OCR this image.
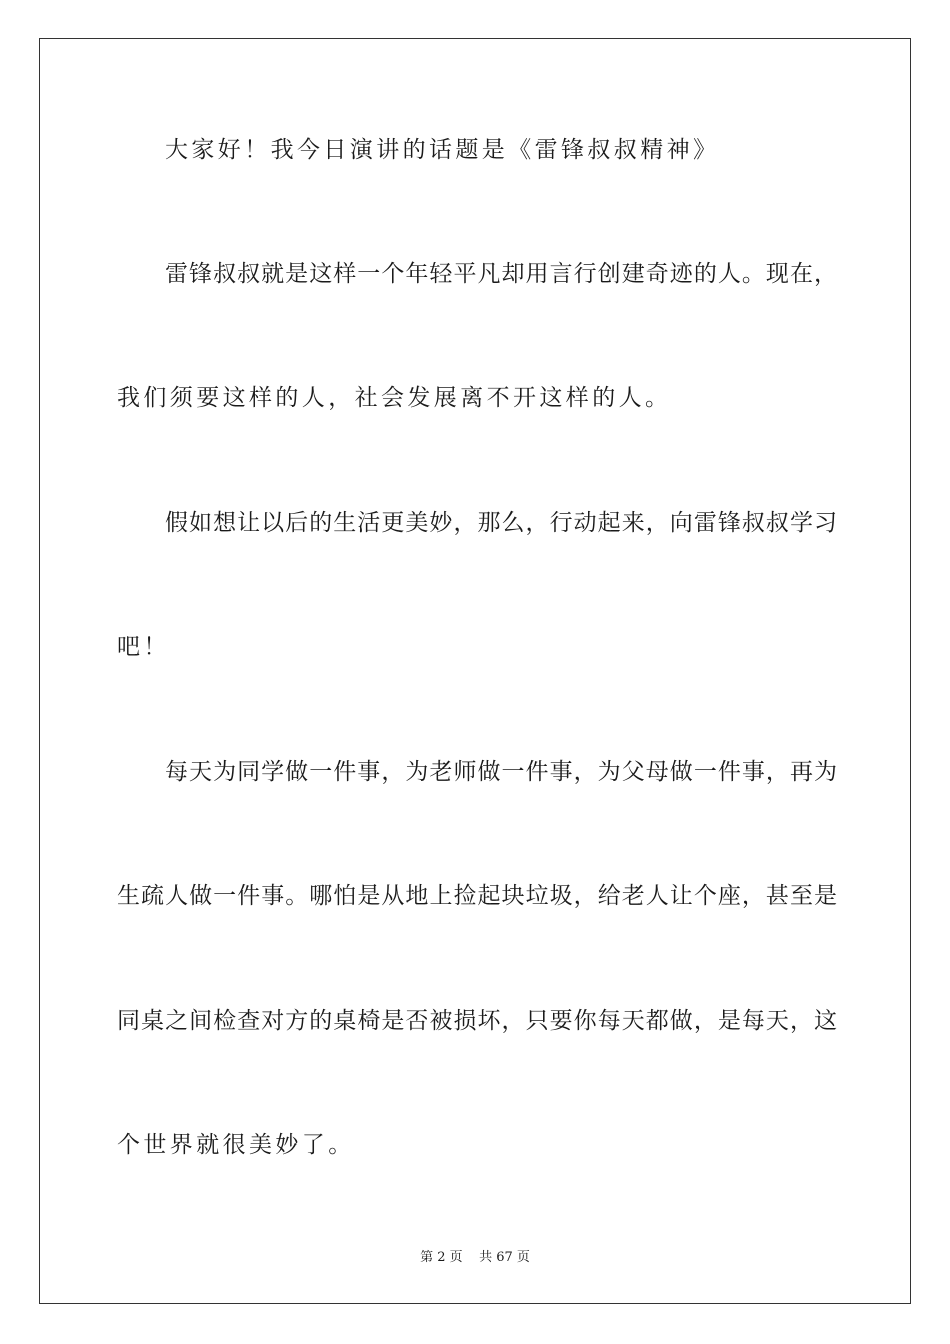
大家好！我今日演讲的话题是《雷锋叔叔精神》
雷锋叔叔就是这样一个年轻平凡却用言行创建奇迹的人。现在，
我们须要这样的人，社会发展离不开这样的人。
假如想让以后的生活更美妙，那么，行动起来，向雷锋叔叔学习
吧！
每天为同学做一件事，为老师做一件事，为父母做一件事，再为
生疏人做一件事。哪怕是从地上捡起块垃圾，给老人让个座，甚至是
同桌之间检查对方的桌椅是否被损坏，只要你每天都做，是每天，这
个世界就很美妙了。
第 2 页    共 67 页
